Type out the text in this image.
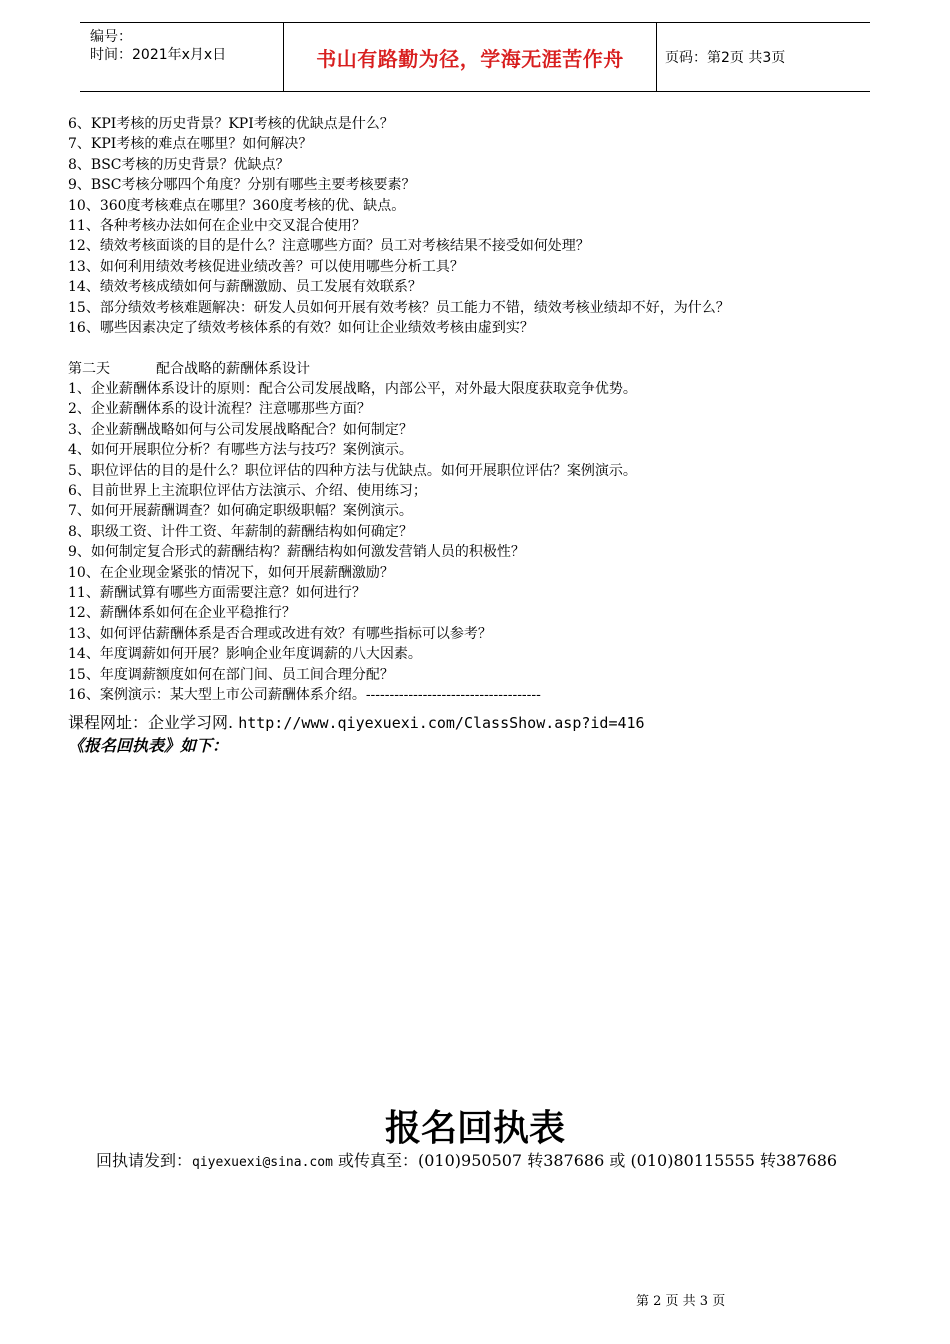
编号：
时间：2021年x月x日	书山有路勤为径，学海无涯苦作舟	页码：第2页 共3页
6、KPI考核的历史背景？KPI考核的优缺点是什么？
7、KPI考核的难点在哪里？如何解决？
8、BSC考核的历史背景？优缺点？
9、BSC考核分哪四个角度？分别有哪些主要考核要素？
10、360度考核难点在哪里？360度考核的优、缺点。
11、各种考核办法如何在企业中交叉混合使用？
12、绩效考核面谈的目的是什么？注意哪些方面？员工对考核结果不接受如何处理？
13、如何利用绩效考核促进业绩改善？可以使用哪些分析工具？
14、绩效考核成绩如何与薪酬激励、员工发展有效联系？
15、部分绩效考核难题解决：研发人员如何开展有效考核？员工能力不错，绩效考核业绩却不好，为什么？
16、哪些因素决定了绩效考核体系的有效？如何让企业绩效考核由虚到实？
第二天	配合战略的薪酬体系设计
1、企业薪酬体系设计的原则：配合公司发展战略，内部公平，对外最大限度获取竞争优势。
2、企业薪酬体系的设计流程？注意哪那些方面？
3、企业薪酬战略如何与公司发展战略配合？如何制定？
4、如何开展职位分析？有哪些方法与技巧？案例演示。
5、职位评估的目的是什么？职位评估的四种方法与优缺点。如何开展职位评估？案例演示。
6、目前世界上主流职位评估方法演示、介绍、使用练习；
7、如何开展薪酬调查？如何确定职级职幅？案例演示。
8、职级工资、计件工资、年薪制的薪酬结构如何确定？
9、如何制定复合形式的薪酬结构？薪酬结构如何激发营销人员的积极性？
10、在企业现金紧张的情况下，如何开展薪酬激励？
11、薪酬试算有哪些方面需要注意？如何进行？
12、薪酬体系如何在企业平稳推行？
13、如何评估薪酬体系是否合理或改进有效？有哪些指标可以参考？
14、年度调薪如何开展？影响企业年度调薪的八大因素。
15、年度调薪额度如何在部门间、员工间合理分配？
16、案例演示：某大型上市公司薪酬体系介绍。-------------------------------------
课程网址：企业学习网. http://www.qiyexuexi.com/ClassShow.asp?id=416
《报名回执表》如下：
报名回执表
回执请发到：qiyexuexi@sina.com 或传真至：(010)950507 转387686 或 (010)80115555 转387686
第 2 页 共 3 页
